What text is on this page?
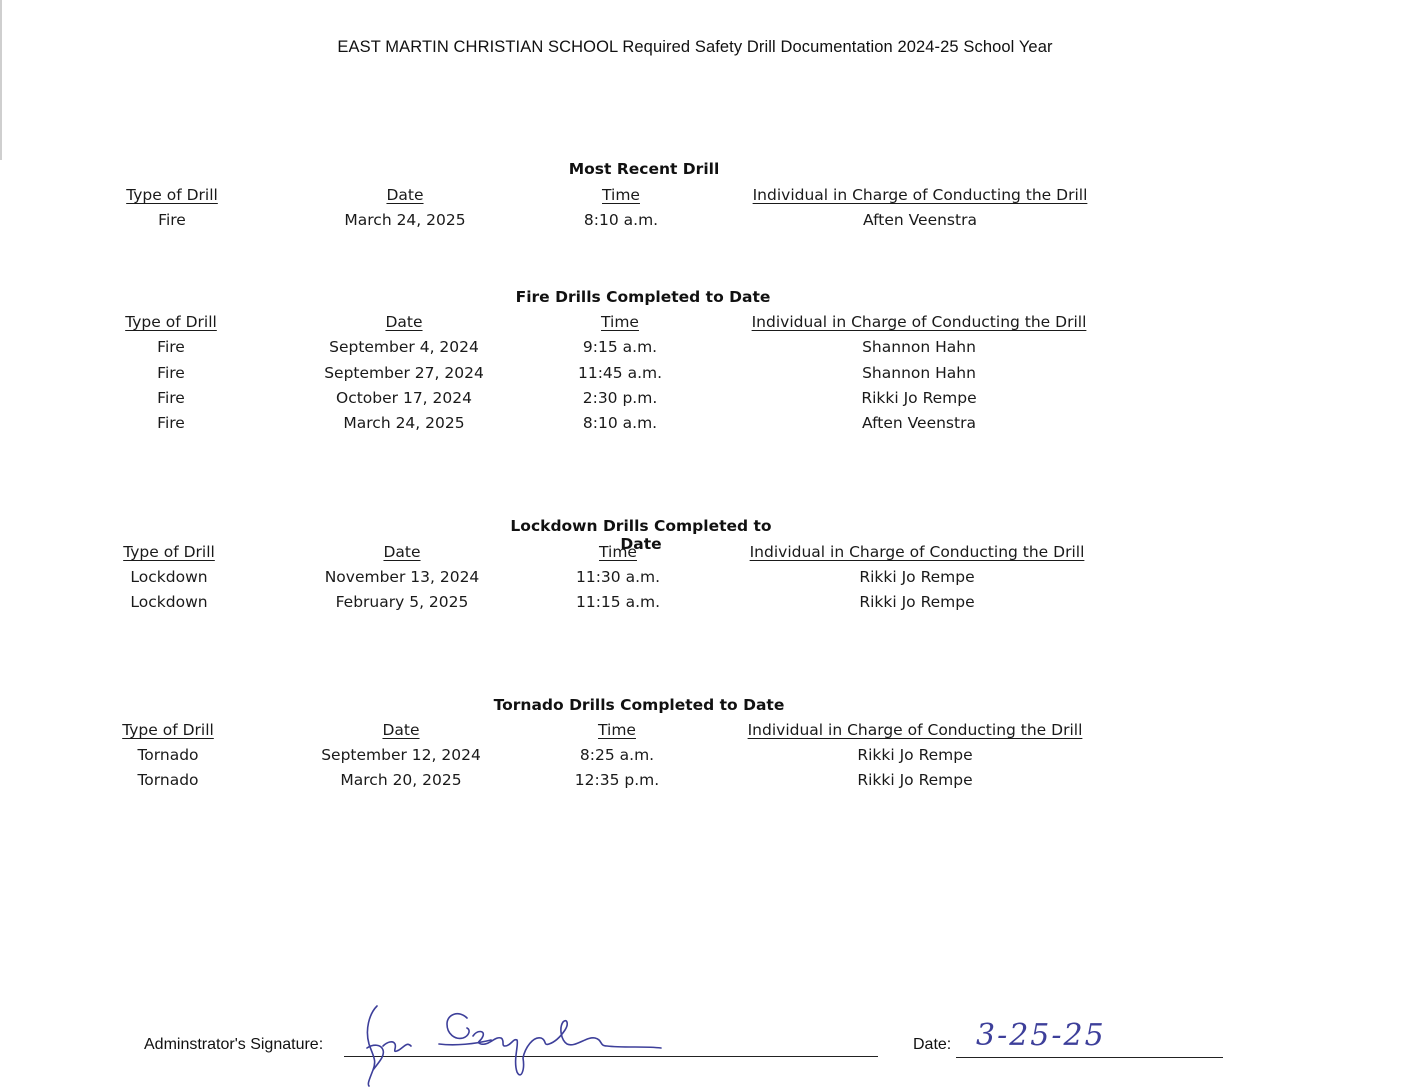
EAST MARTIN CHRISTIAN SCHOOL Required Safety Drill Documentation 2024-25 School Year
Most Recent Drill
Type of Drill	Date	Time	Individual in Charge of Conducting the Drill
Fire	March 24, 2025	8:10 a.m.	Aften Veenstra
Fire Drills Completed to Date
Type of Drill	Date	Time	Individual in Charge of Conducting the Drill
Fire	September 4, 2024	9:15 a.m.	Shannon Hahn
Fire	September 27, 2024	11:45 a.m.	Shannon Hahn
Fire	October 17, 2024	2:30 p.m.	Rikki Jo Rempe
Fire	March 24, 2025	8:10 a.m.	Aften Veenstra
Lockdown Drills Completed to Date
Type of Drill	Date	Time	Individual in Charge of Conducting the Drill
Lockdown	November 13, 2024	11:30 a.m.	Rikki Jo Rempe
Lockdown	February 5, 2025	11:15 a.m.	Rikki Jo Rempe
Tornado Drills Completed to Date
Type of Drill	Date	Time	Individual in Charge of Conducting the Drill
Tornado	September 12, 2024	8:25 a.m.	Rikki Jo Rempe
Tornado	March 20, 2025	12:35 p.m.	Rikki Jo Rempe
Adminstrator's Signature:	Date: 3-25-25
